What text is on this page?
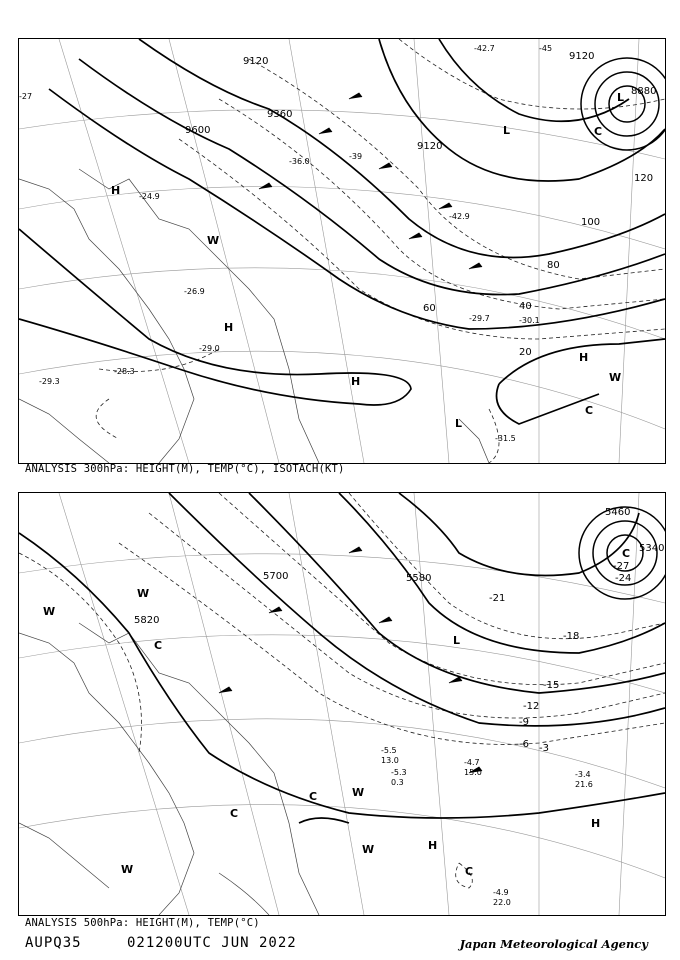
9120	9120
9360
9600
9120
8880
20
40
60
80
100
120
-42.7	-45
-42.9
-39
-36.0
-29.7	-30.1
-31.5
-24.9
-26.9
-29.0
-28.3
-29.3
-27
H
H
H
H
L
L
L
W
W
C
C
ANALYSIS 300hPa: HEIGHT(M), TEMP(°C), ISOTACH(KT)
5700	5580
5820
5460
5340
-3
-6
-9
-12
-15
-18
-21
-24
-27
-4.7
15.0
-5.5
13.0
-5.3
0.3
-4.9
22.0
-3.4
21.6
W
W
W
W
W
C
C
C
C
C
L
H
H
ANALYSIS 500hPa: HEIGHT(M), TEMP(°C)
AUPQ35	021200UTC JUN 2022	Japan Meteorological Agency
